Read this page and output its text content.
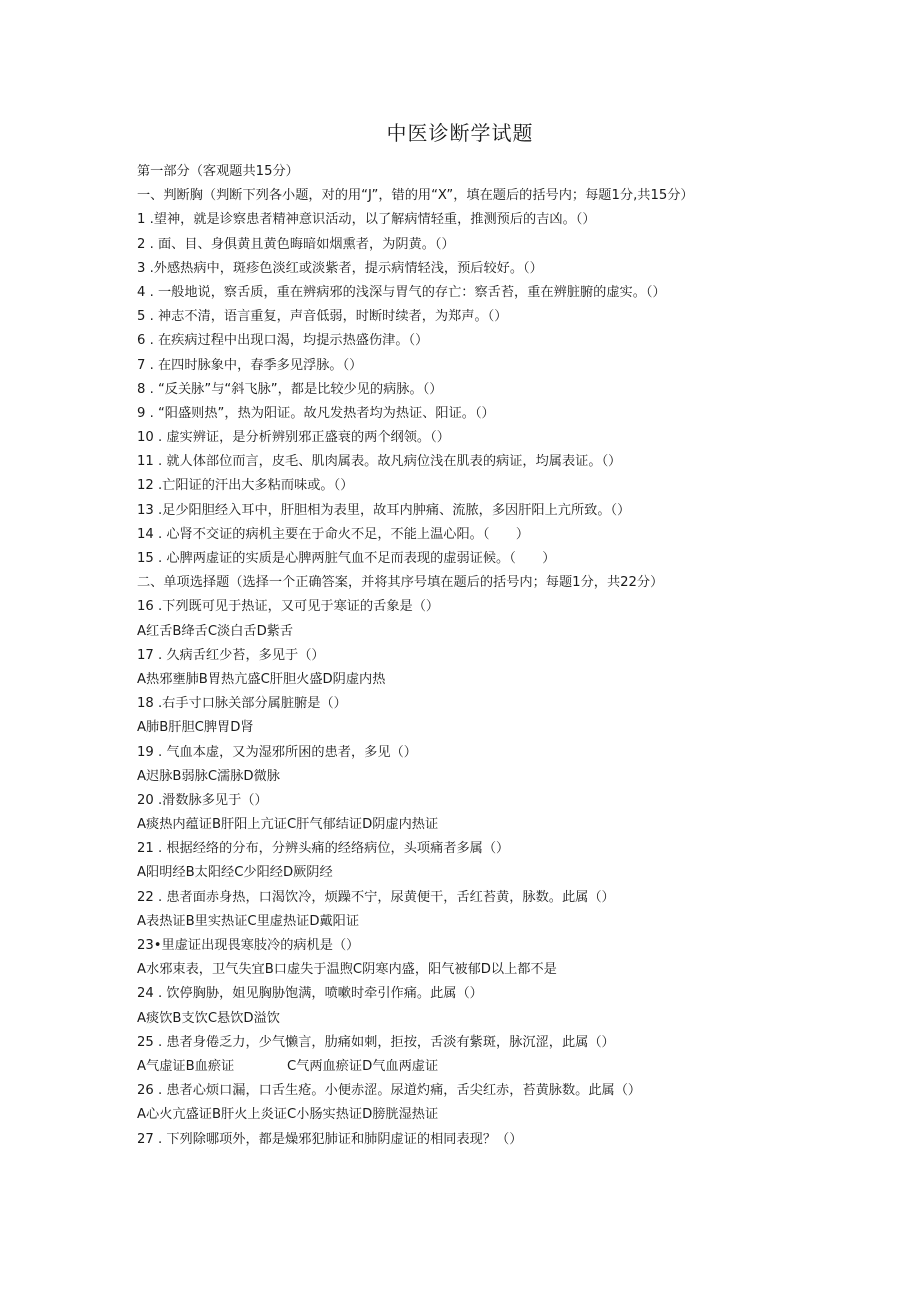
中医诊断学试题
第一部分（客观题共15分）
一、判断胸（判断下列各小题，对的用“J”，错的用“X”，填在题后的括号内；每题1分,共15分）
1 .望神，就是诊察患者精神意识活动，以了解病情轻重，推测预后的吉凶。（）
2 . 面、目、身俱黄且黄色晦暗如烟熏者，为阴黄。（）
3 .外感热病中，斑疹色淡红或淡紫者，提示病情轻浅，预后较好。（）
4 . 一般地说，察舌质，重在辨病邪的浅深与胃气的存亡：察舌苔，重在辨脏腑的虚实。（）
5 . 神志不清，语言重复，声音低弱，时断时续者，为郑声。（）
6 . 在疾病过程中出现口渴，均提示热盛伤津。（）
7 . 在四时脉象中，春季多见浮脉。（）
8 . “反关脉”与“斜飞脉”，都是比较少见的病脉。（）
9 . “阳盛则热”，热为阳证。故凡发热者均为热证、阳证。（）
10 . 虚实辨证，是分析辨别邪正盛衰的两个纲领。（）
11 . 就人体部位而言，皮毛、肌肉属表。故凡病位浅在肌表的病证，均属表证。（）
12 .亡阳证的汗出大多粘而味或。（）
13 .足少阳胆经入耳中，肝胆相为表里，故耳内肿痛、流脓，多因肝阳上亢所致。（）
14 . 心肾不交证的病机主要在于命火不足，不能上温心阳。（　　）
15 . 心脾两虚证的实质是心脾两脏气血不足而表现的虚弱证候。（　　）
二、单项选择题（选择一个正确答案，并将其序号填在题后的括号内；每题1分，共22分）
16 .下列既可见于热证，又可见于寒证的舌象是（）
A红舌B绛舌C淡白舌D紫舌
17 . 久病舌红少苔，多见于（）
A热邪壅肺B胃热亢盛C肝胆火盛D阴虚内热
18 .右手寸口脉关部分属脏腑是（）
A肺B肝胆C脾胃D肾
19 . 气血本虚，又为湿邪所困的患者，多见（）
A迟脉B弱脉C濡脉D微脉
20 .滑数脉多见于（）
A痰热内蕴证B肝阳上亢证C肝气郁结证D阴虚内热证
21 . 根据经络的分布，分辨头痛的经络病位，头项痛者多属（）
A阳明经B太阳经C少阳经D厥阴经
22 . 患者面赤身热，口渴饮冷，烦躁不宁，尿黄便干，舌红苔黄，脉数。此属（）
A表热证B里实热证C里虚热证D戴阳证
23•里虚证出现畏寒肢冷的病机是（）
A水邪束表，卫气失宜B口虚失于温煦C阴寒内盛，阳气被郁D以上都不是
24 . 饮停胸胁，姐见胸胁饱满，喷嗽时牵引作痛。此属（）
A痰饮B支饮C悬饮D溢饮
25 . 患者身倦乏力，少气懒言，肋痛如刺，拒按，舌淡有紫斑，脉沉涩，此属（）
A气虚证B血瘀证　　　　C气两血瘀证D气血两虚证
26 . 患者心烦口漏，口舌生疮。小便赤涩。尿道灼痛，舌尖红赤，苔黄脉数。此属（）
A心火亢盛证B肝火上炎证C小肠实热证D膀胱湿热证
27 . 下列除哪项外，都是燥邪犯肺证和肺阴虚证的相同表现？（）
